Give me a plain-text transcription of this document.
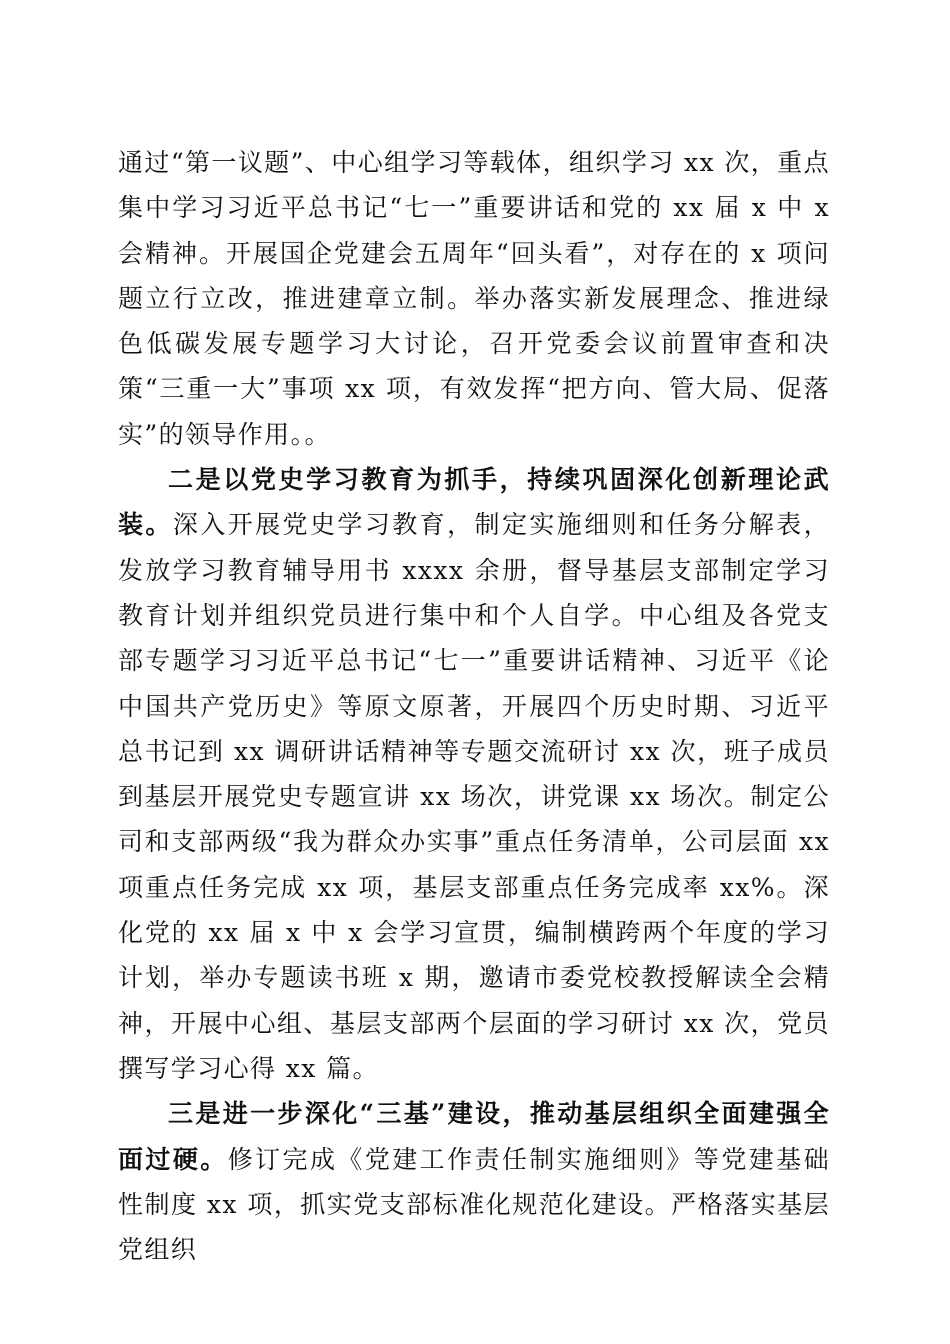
通过“第一议题”、中心组学习等载体，组织学习 xx 次，重点集中学习习近平总书记“七一”重要讲话和党的 xx 届 x 中 x 会精神。开展国企党建会五周年“回头看”，对存在的 x 项问题立行立改，推进建章立制。举办落实新发展理念、推进绿色低碳发展专题学习大讨论，召开党委会议前置审查和决策“三重一大”事项 xx 项，有效发挥“把方向、管大局、促落实”的领导作用。。

二是以党史学习教育为抓手，持续巩固深化创新理论武装。深入开展党史学习教育，制定实施细则和任务分解表，发放学习教育辅导用书 xxxx 余册，督导基层支部制定学习教育计划并组织党员进行集中和个人自学。中心组及各党支部专题学习习近平总书记“七一”重要讲话精神、习近平《论中国共产党历史》等原文原著，开展四个历史时期、习近平总书记到 xx 调研讲话精神等专题交流研讨 xx 次，班子成员到基层开展党史专题宣讲 xx 场次，讲党课 xx 场次。制定公司和支部两级“我为群众办实事”重点任务清单，公司层面 xx 项重点任务完成 xx 项，基层支部重点任务完成率 xx%。深化党的 xx 届 x 中 x 会学习宣贯，编制横跨两个年度的学习计划，举办专题读书班 x 期，邀请市委党校教授解读全会精神，开展中心组、基层支部两个层面的学习研讨 xx 次，党员撰写学习心得 xx 篇。

三是进一步深化“三基”建设，推动基层组织全面建强全面过硬。修订完成《党建工作责任制实施细则》等党建基础性制度 xx 项，抓实党支部标准化规范化建设。严格落实基层党组织
